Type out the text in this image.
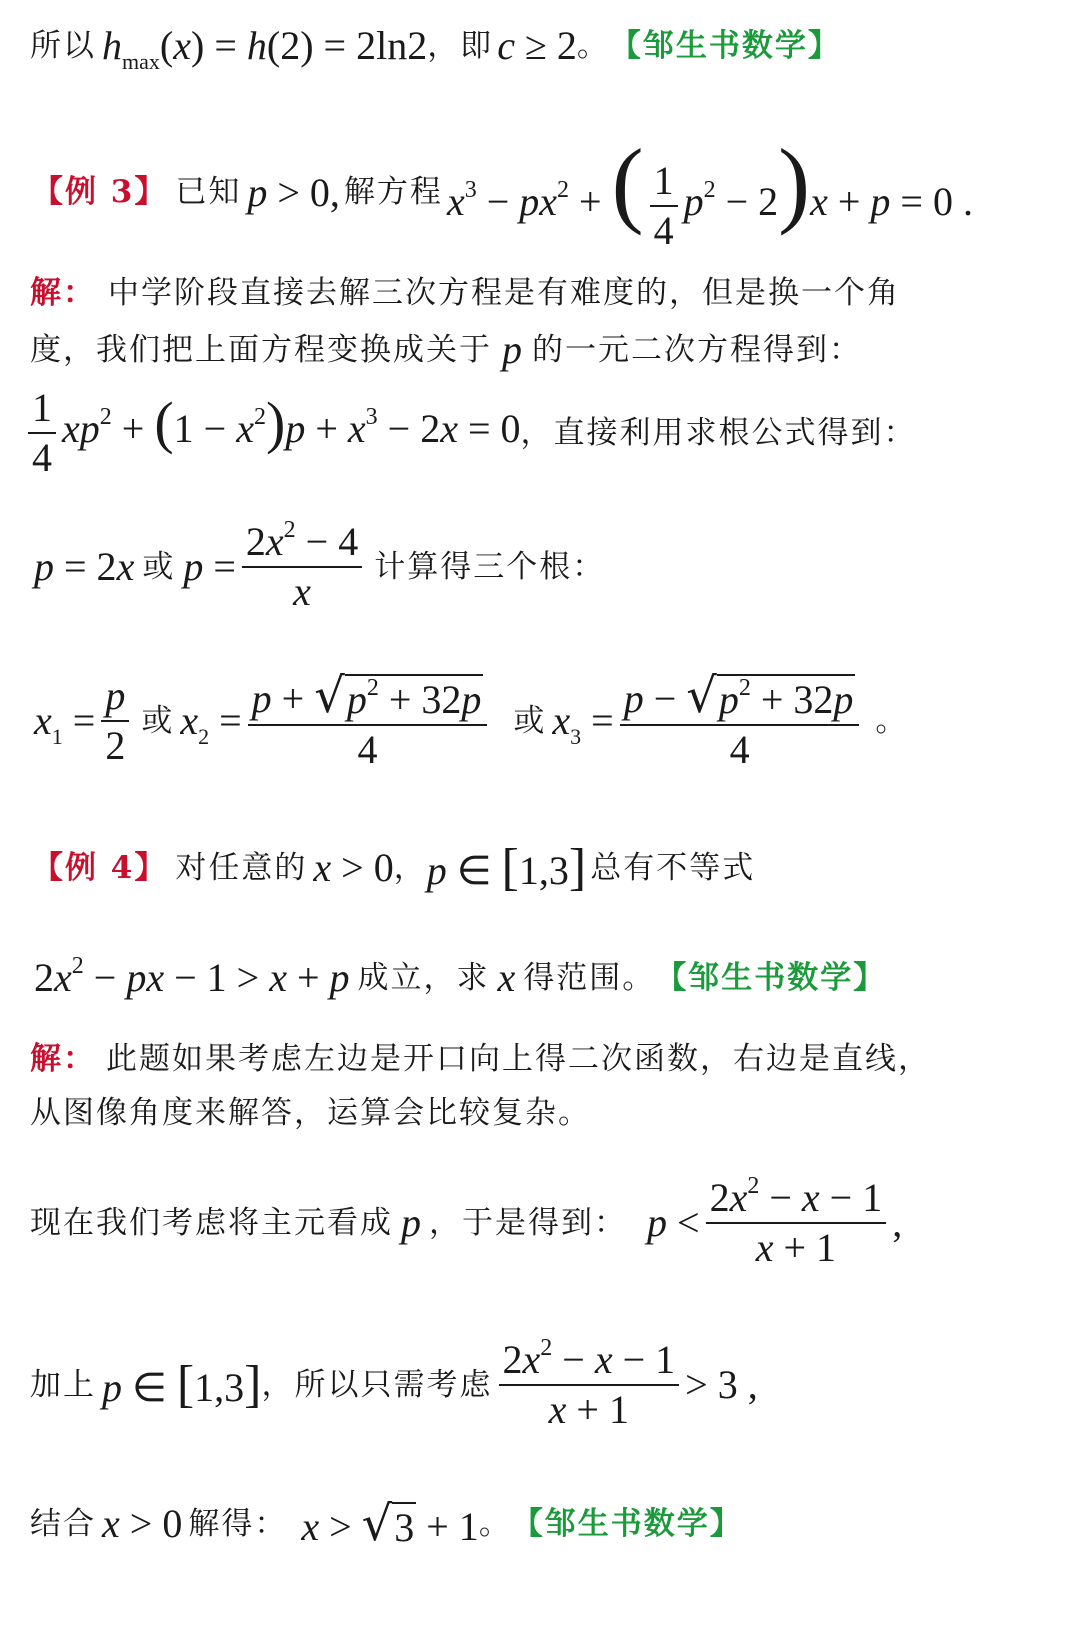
所以 $h_{max}(x) = h(2) = 2\ln 2$ ，即 c ≥ 2 。 【邹生书数学】
【例 3】 已知 p > 0, 解方程 $x^3 - px^2$ + ( $\frac{1}{4} p^2 - 2)x + p = 0$ .
解： 中学阶段直接去解三次方程是有难度的，但是换一个角
度，我们把上面方程变换成关于 p 的一元二次方程得到：
$\frac{1}{4} xp^2 + (1 - x^2)p + x^3 - 2x = 0$ ，直接利用求根公式得到：
p = 2x 或 $p = \frac{2x^2 - 4}{x}$ 计算得三个根：
$x_1 = \frac{p}{2}$ 或 $x_2 = \frac{p + √ p^2 + 32p}{4}$ 或 $x_3 = \frac{p - √ p^2 + 32p}{4}$ 。
【例 4】 对任意的 x > 0 ， p ∈ [1,3] 总有不等式
$2x^2$ − px − 1 > x + p 成立，求 x 得范围。 【邹生书数学】
解： 此题如果考虑左边是开口向上得二次函数，右边是直线，
从图像角度来解答，运算会比较复杂。
现在我们考虑将主元看成 p ，于是得到： $p < \frac{2x^2 - x - 1}{x + 1}$ ,
加上 p ∈ [1,3] ，所以只需考虑 $\frac{2x^2 - x - 1}{x + 1} > 3$ ,
结合 x > 0 解得： x > √ 3 + 1 。 【邹生书数学】
